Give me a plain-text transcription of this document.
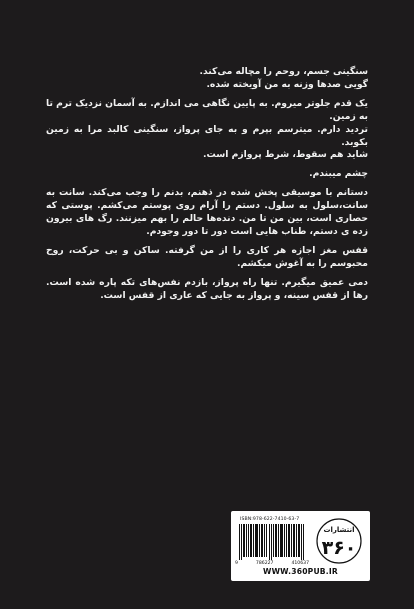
سنگینی جسم، روحم را مچاله می‌کند.

گویی صدها وزنه به من آویخته شده.

یک قدم جلوتر میروم. به پایین نگاهی می اندازم. به آسمان نزدیک ترم تا به زمین.

تردید دارم. میترسم بپرم و به جای پرواز، سنگینی کالبد مرا به زمین بکوبد.

شاید هم سقوط، شرط پروازم است.

چشم میبندم.

دستانم با موسیقی پخش شده در ذهنم، بدنم را وجب می‌کند. سانت به سانت،سلول به سلول. دستم را آرام روی پوستم می‌کشم. پوستی که حصاری است، بین من تا من. دنده‌ها حالم را بهم میزنند. رگ های بیرون زده ی دستم، طناب هایی است دور تا دور وجودم.

قفس مغز اجازه هر کاری را از من گرفته. ساکن و بی حرکت، روح محبوسم را به آغوش میکشم.

دمی عمیق میگیرم. تنها راه پرواز، بازدم نفس‌های تکه پاره شده است. رها از قفس سینه، و پرواز به جایی که عاری از قفس است.

ISBN:978-622-7410-63-7
9	786227	410637
انتشارات
۳۶۰
WWW.360PUB.IR
